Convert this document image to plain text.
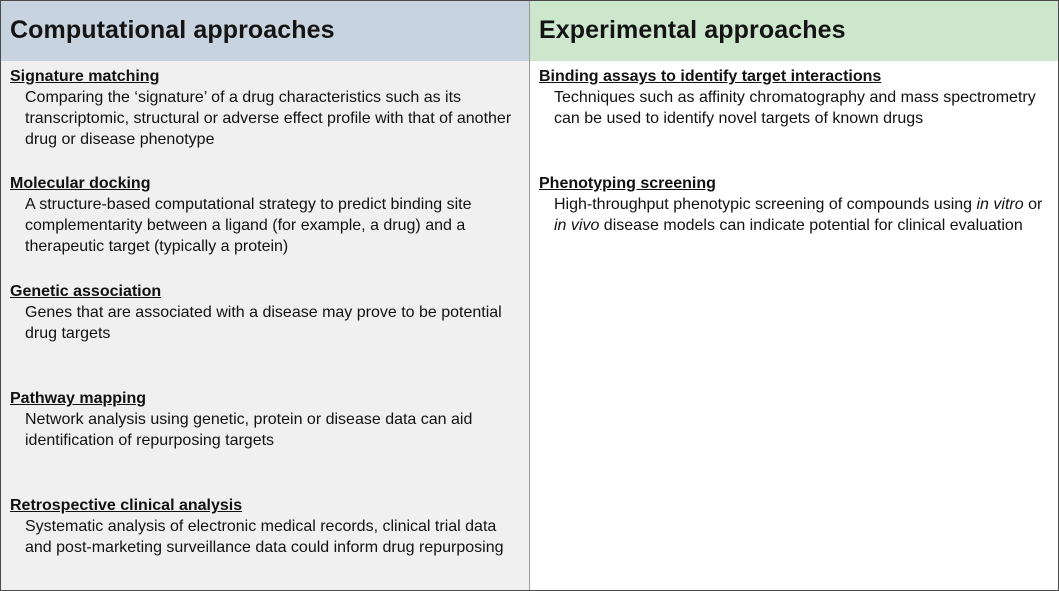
Computational approaches

Signature matching

Comparing the ‘signature’ of a drug characteristics such as its transcriptomic, structural or adverse effect profile with that of another drug or disease phenotype

Molecular docking

A structure-based computational strategy to predict binding site complementarity between a ligand (for example, a drug) and a therapeutic target (typically a protein)

Genetic association

Genes that are associated with a disease may prove to be potential drug targets

Pathway mapping

Network analysis using genetic, protein or disease data can aid identification of repurposing targets

Retrospective clinical analysis

Systematic analysis of electronic medical records, clinical trial data and post-marketing surveillance data could inform drug repurposing

Experimental approaches

Binding assays to identify target interactions

Techniques such as affinity chromatography and mass spectrometry can be used to identify novel targets of known drugs

Phenotyping screening

High-throughput phenotypic screening of compounds using in vitro or in vivo disease models can indicate potential for clinical evaluation
